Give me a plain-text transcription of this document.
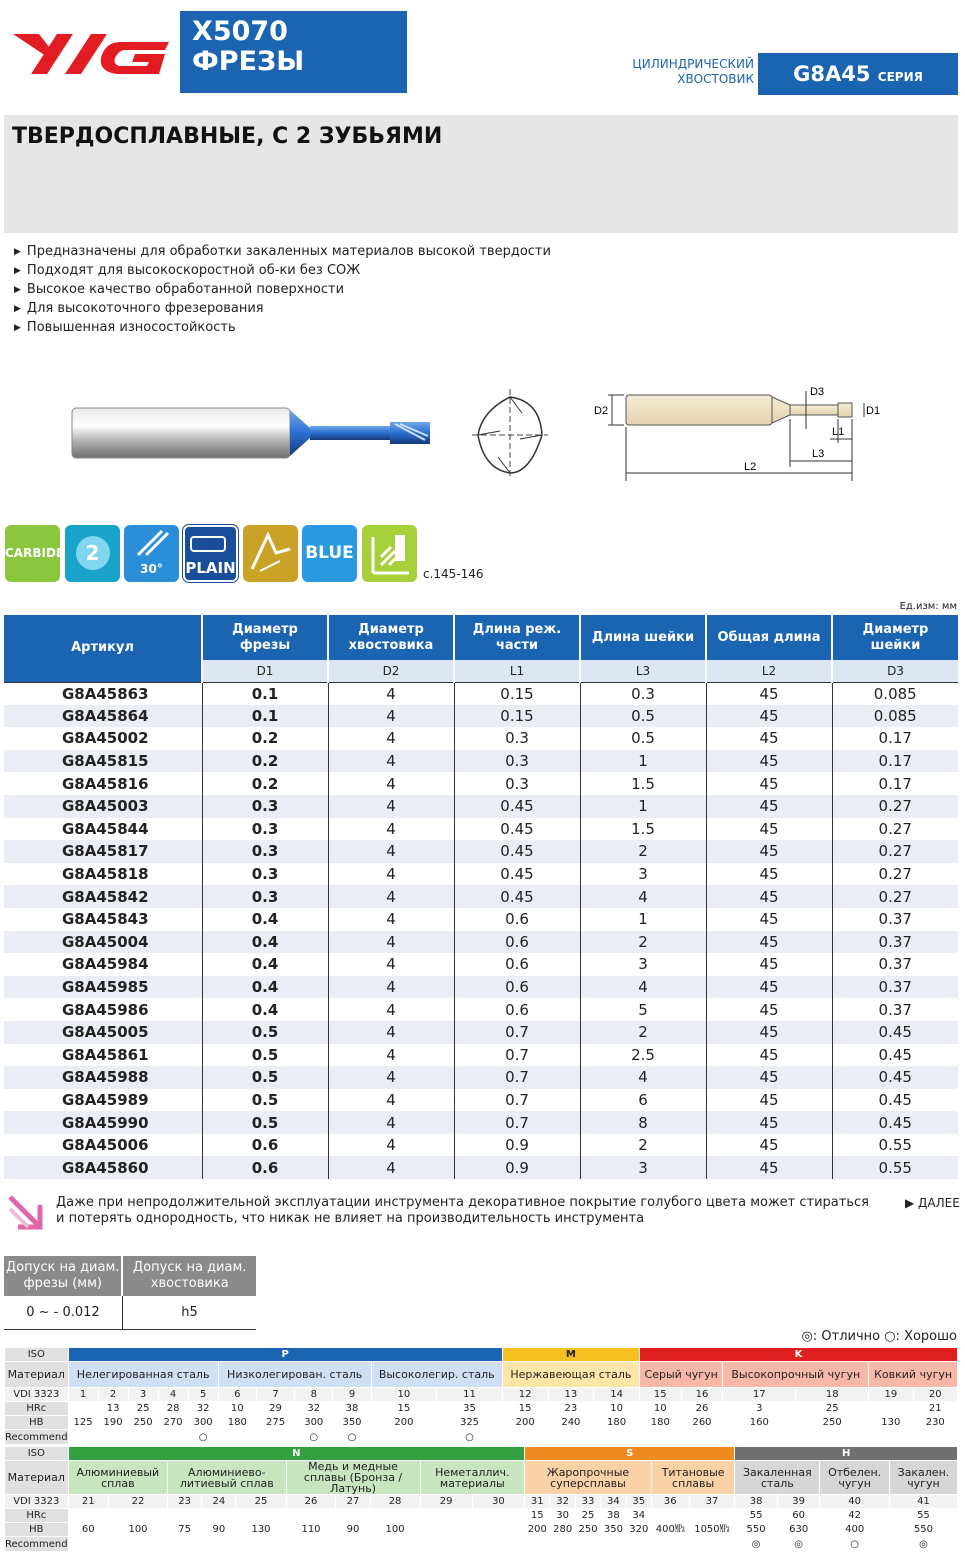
YG
X5070
ФРЕЗЫ	ЦИЛИНДРИЧЕСКИЙ
ХВОСТОВИК	G8A45 СЕРИЯ
ТВЕРДОСПЛАВНЫЕ, С 2 ЗУБЬЯМИ
▶ Предназначены для обработки закаленных материалов высокой твердости
▶ Подходят для высокоскоростной об-ки без СОЖ
▶ Высокое качество обработанной поверхности
▶ Для высокоточного фрезерования
▶ Повышенная износостойкость
D2
D3
D1
L1
L3
L2
CARBIDE	2
30°	PLAIN
BLUE
c.145-146
Ед.изм: мм
Артикул	Диаметр фрезы	Диаметр хвостовика	Длина реж. части	Длина шейки	Общая длина	Диаметр шейки
	D1	D2	L1	L3	L2	D3
G8A45863	0.1	4	0.15	0.3	45	0.085
G8A45864	0.1	4	0.15	0.5	45	0.085
G8A45002	0.2	4	0.3	0.5	45	0.17
G8A45815	0.2	4	0.3	1	45	0.17
G8A45816	0.2	4	0.3	1.5	45	0.17
G8A45003	0.3	4	0.45	1	45	0.27
G8A45844	0.3	4	0.45	1.5	45	0.27
G8A45817	0.3	4	0.45	2	45	0.27
G8A45818	0.3	4	0.45	3	45	0.27
G8A45842	0.3	4	0.45	4	45	0.27
G8A45843	0.4	4	0.6	1	45	0.37
G8A45004	0.4	4	0.6	2	45	0.37
G8A45984	0.4	4	0.6	3	45	0.37
G8A45985	0.4	4	0.6	4	45	0.37
G8A45986	0.4	4	0.6	5	45	0.37
G8A45005	0.5	4	0.7	2	45	0.45
G8A45861	0.5	4	0.7	2.5	45	0.45
G8A45988	0.5	4	0.7	4	45	0.45
G8A45989	0.5	4	0.7	6	45	0.45
G8A45990	0.5	4	0.7	8	45	0.45
G8A45006	0.6	4	0.9	2	45	0.55
G8A45860	0.6	4	0.9	3	45	0.55
Даже при непродолжительной эксплуатации инструмента декоративное покрытие голубого цвета может стираться
и потерять однородность, что никак не влияет на производительность инструмента
▶ ДАЛЕЕ
Допуск на диам. фрезы (мм)	Допуск на диам. хвостовика
0 ~ - 0.012	h5
◎: Отлично ○: Хорошо
ISO	P											M			K					
Материал	Нелегированная сталь					Низколегирован. сталь				Высоколегир. сталь		Нержавеющая сталь			Серый чугун		Высокопрочный чугун		Ковкий чугун	
VDI 3323	1	2	3	4	5	6	7	8	9	10	11	12	13	14	15	16	17	18	19	20
HRc		13	25	28	32	10	29	32	38	15	35	15	23	10	10	26	3	25		21
HB	125	190	250	270	300	180	275	300	350	200	325	200	240	180	180	260	160	250	130	230
Recommend					○			○	○		○									
ISO	N										S							H			
Материал	Алюминиевый сплав		Алюминиево-литиевый сплав			Медь и медные сплавы (Бронза / Латунь)			Неметаллич. материалы		Жаропрочные суперсплавы					Титановые сплавы		Закаленная сталь		Отбелен. чугун	Закален. чугун
VDI 3323	21	22	23	24	25	26	27	28	29	30	31	32	33	34	35	36	37	38	39	40	41
HRc											15	30	25	38	34			55	60	42	55
HB	60	100	75	90	130	110	90	100			200	280	250	350	320	400㎫	1050㎫	550	630	400	550
Recommend																		◎	◎	○	◎
